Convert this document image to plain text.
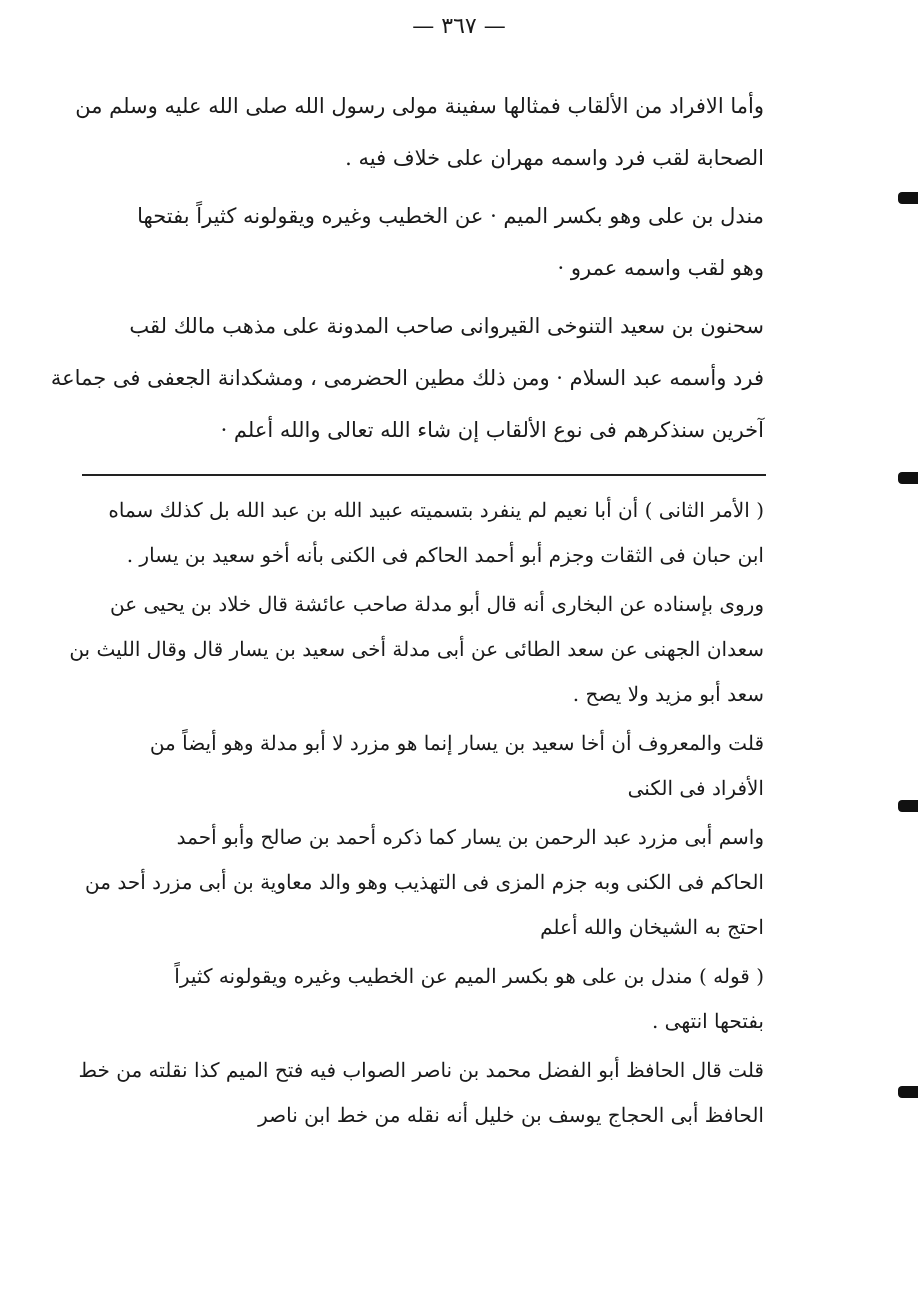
— ٣٦٧ —

وأما الافراد من الألقاب فمثالها سفينة مولى رسول الله صلى الله عليه وسلم من
الصحابة لقب فرد واسمه مهران على خلاف فيه .

مندل بن على وهو بكسر الميم · عن الخطيب وغيره ويقولونه كثيراً بفتحها
وهو لقب واسمه عمرو ·

سحنون بن سعيد التنوخى القيروانى صاحب المدونة على مذهب مالك لقب
فرد وأسمه عبد السلام · ومن ذلك مطين الحضرمى ، ومشكدانة الجعفى فى جماعة
آخرين سنذكرهم فى نوع الألقاب إن شاء الله تعالى والله أعلم ·

( الأمر الثانى ) أن أبا نعيم لم ينفرد بتسميته عبيد الله بن عبد الله بل كذلك سماه
ابن حبان فى الثقات وجزم أبو أحمد الحاكم فى الكنى بأنه أخو سعيد بن يسار .

وروى بإسناده عن البخارى أنه قال أبو مدلة صاحب عائشة قال خلاد بن يحيى عن
سعدان الجهنى عن سعد الطائى عن أبى مدلة أخى سعيد بن يسار قال وقال الليث بن
سعد أبو مزيد ولا يصح .

قلت والمعروف أن أخا سعيد بن يسار إنما هو مزرد لا أبو مدلة وهو أيضاً من
الأفراد فى الكنى

واسم أبى مزرد عبد الرحمن بن يسار كما ذكره أحمد بن صالح وأبو أحمد
الحاكم فى الكنى وبه جزم المزى فى التهذيب وهو والد معاوية بن أبى مزرد أحد من
احتج به الشيخان والله أعلم

( قوله ) مندل بن على هو بكسر الميم عن الخطيب وغيره ويقولونه كثيراً
بفتحها انتهى .

قلت قال الحافظ أبو الفضل محمد بن ناصر الصواب فيه فتح الميم كذا نقلته من خط
الحافظ أبى الحجاج يوسف بن خليل أنه نقله من خط ابن ناصر
